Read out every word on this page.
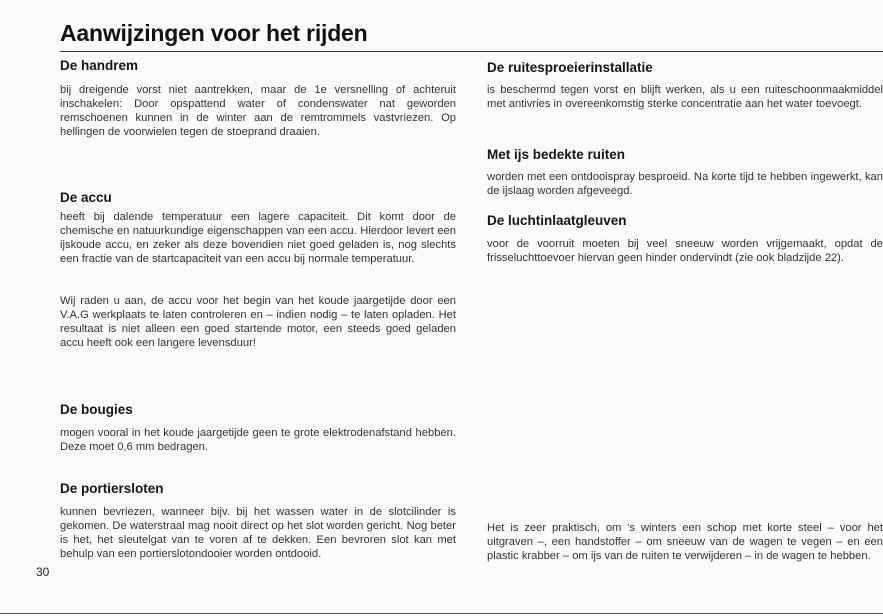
Aanwijzingen voor het rijden
De handrem

bij dreigende vorst niet aantrekken, maar de 1e versnelling of achteruit inschakelen: Door opspattend water of condenswater nat geworden remschoenen kunnen in de winter aan de remtrommels vastvriezen. Op hellingen de voorwielen tegen de stoeprand draaien.

De accu

heeft bij dalende temperatuur een lagere capaciteit. Dit komt door de chemische en natuurkundige eigenschappen van een accu. Hierdoor levert een ijskoude accu, en zeker als deze bovendien niet goed geladen is, nog slechts een fractie van de startcapaciteit van een accu bij normale temperatuur.

Wij raden u aan, de accu voor het begin van het koude jaargetijde door een V.A.G werkplaats te laten controleren en – indien nodig – te laten opladen. Het resultaat is niet alleen een goed startende motor, een steeds goed geladen accu heeft ook een langere levensduur!

De bougies

mogen vooral in het koude jaargetijde geen te grote elektrodenafstand hebben. Deze moet 0,6 mm bedragen.

De portiersloten

kunnen bevriezen, wanneer bijv. bij het wassen water in de slotcilinder is gekomen. De waterstraal mag nooit direct op het slot worden gericht. Nog beter is het, het sleutelgat van te voren af te dekken. Een bevroren slot kan met behulp van een portierslotondooier worden ontdooid.

De ruitesproeierinstallatie

is beschermd tegen vorst en blijft werken, als u een ruiteschoonmaakmiddel met antivries in overeenkomstig sterke concentratie aan het water toevoegt.

Met ijs bedekte ruiten

worden met een ontdooispray besproeid. Na korte tijd te hebben ingewerkt, kan de ijslaag worden afgeveegd.

De luchtinlaatgleuven

voor de voorruit moeten bij veel sneeuw worden vrijgemaakt, opdat de frisseluchttoevoer hiervan geen hinder ondervindt (zie ook bladzijde 22).

Het is zeer praktisch, om 's winters een schop met korte steel – voor het uitgraven –, een handstoffer – om sneeuw van de wagen te vegen – en een plastic krabber – om ijs van de ruiten te verwijderen – in de wagen te hebben.

30
